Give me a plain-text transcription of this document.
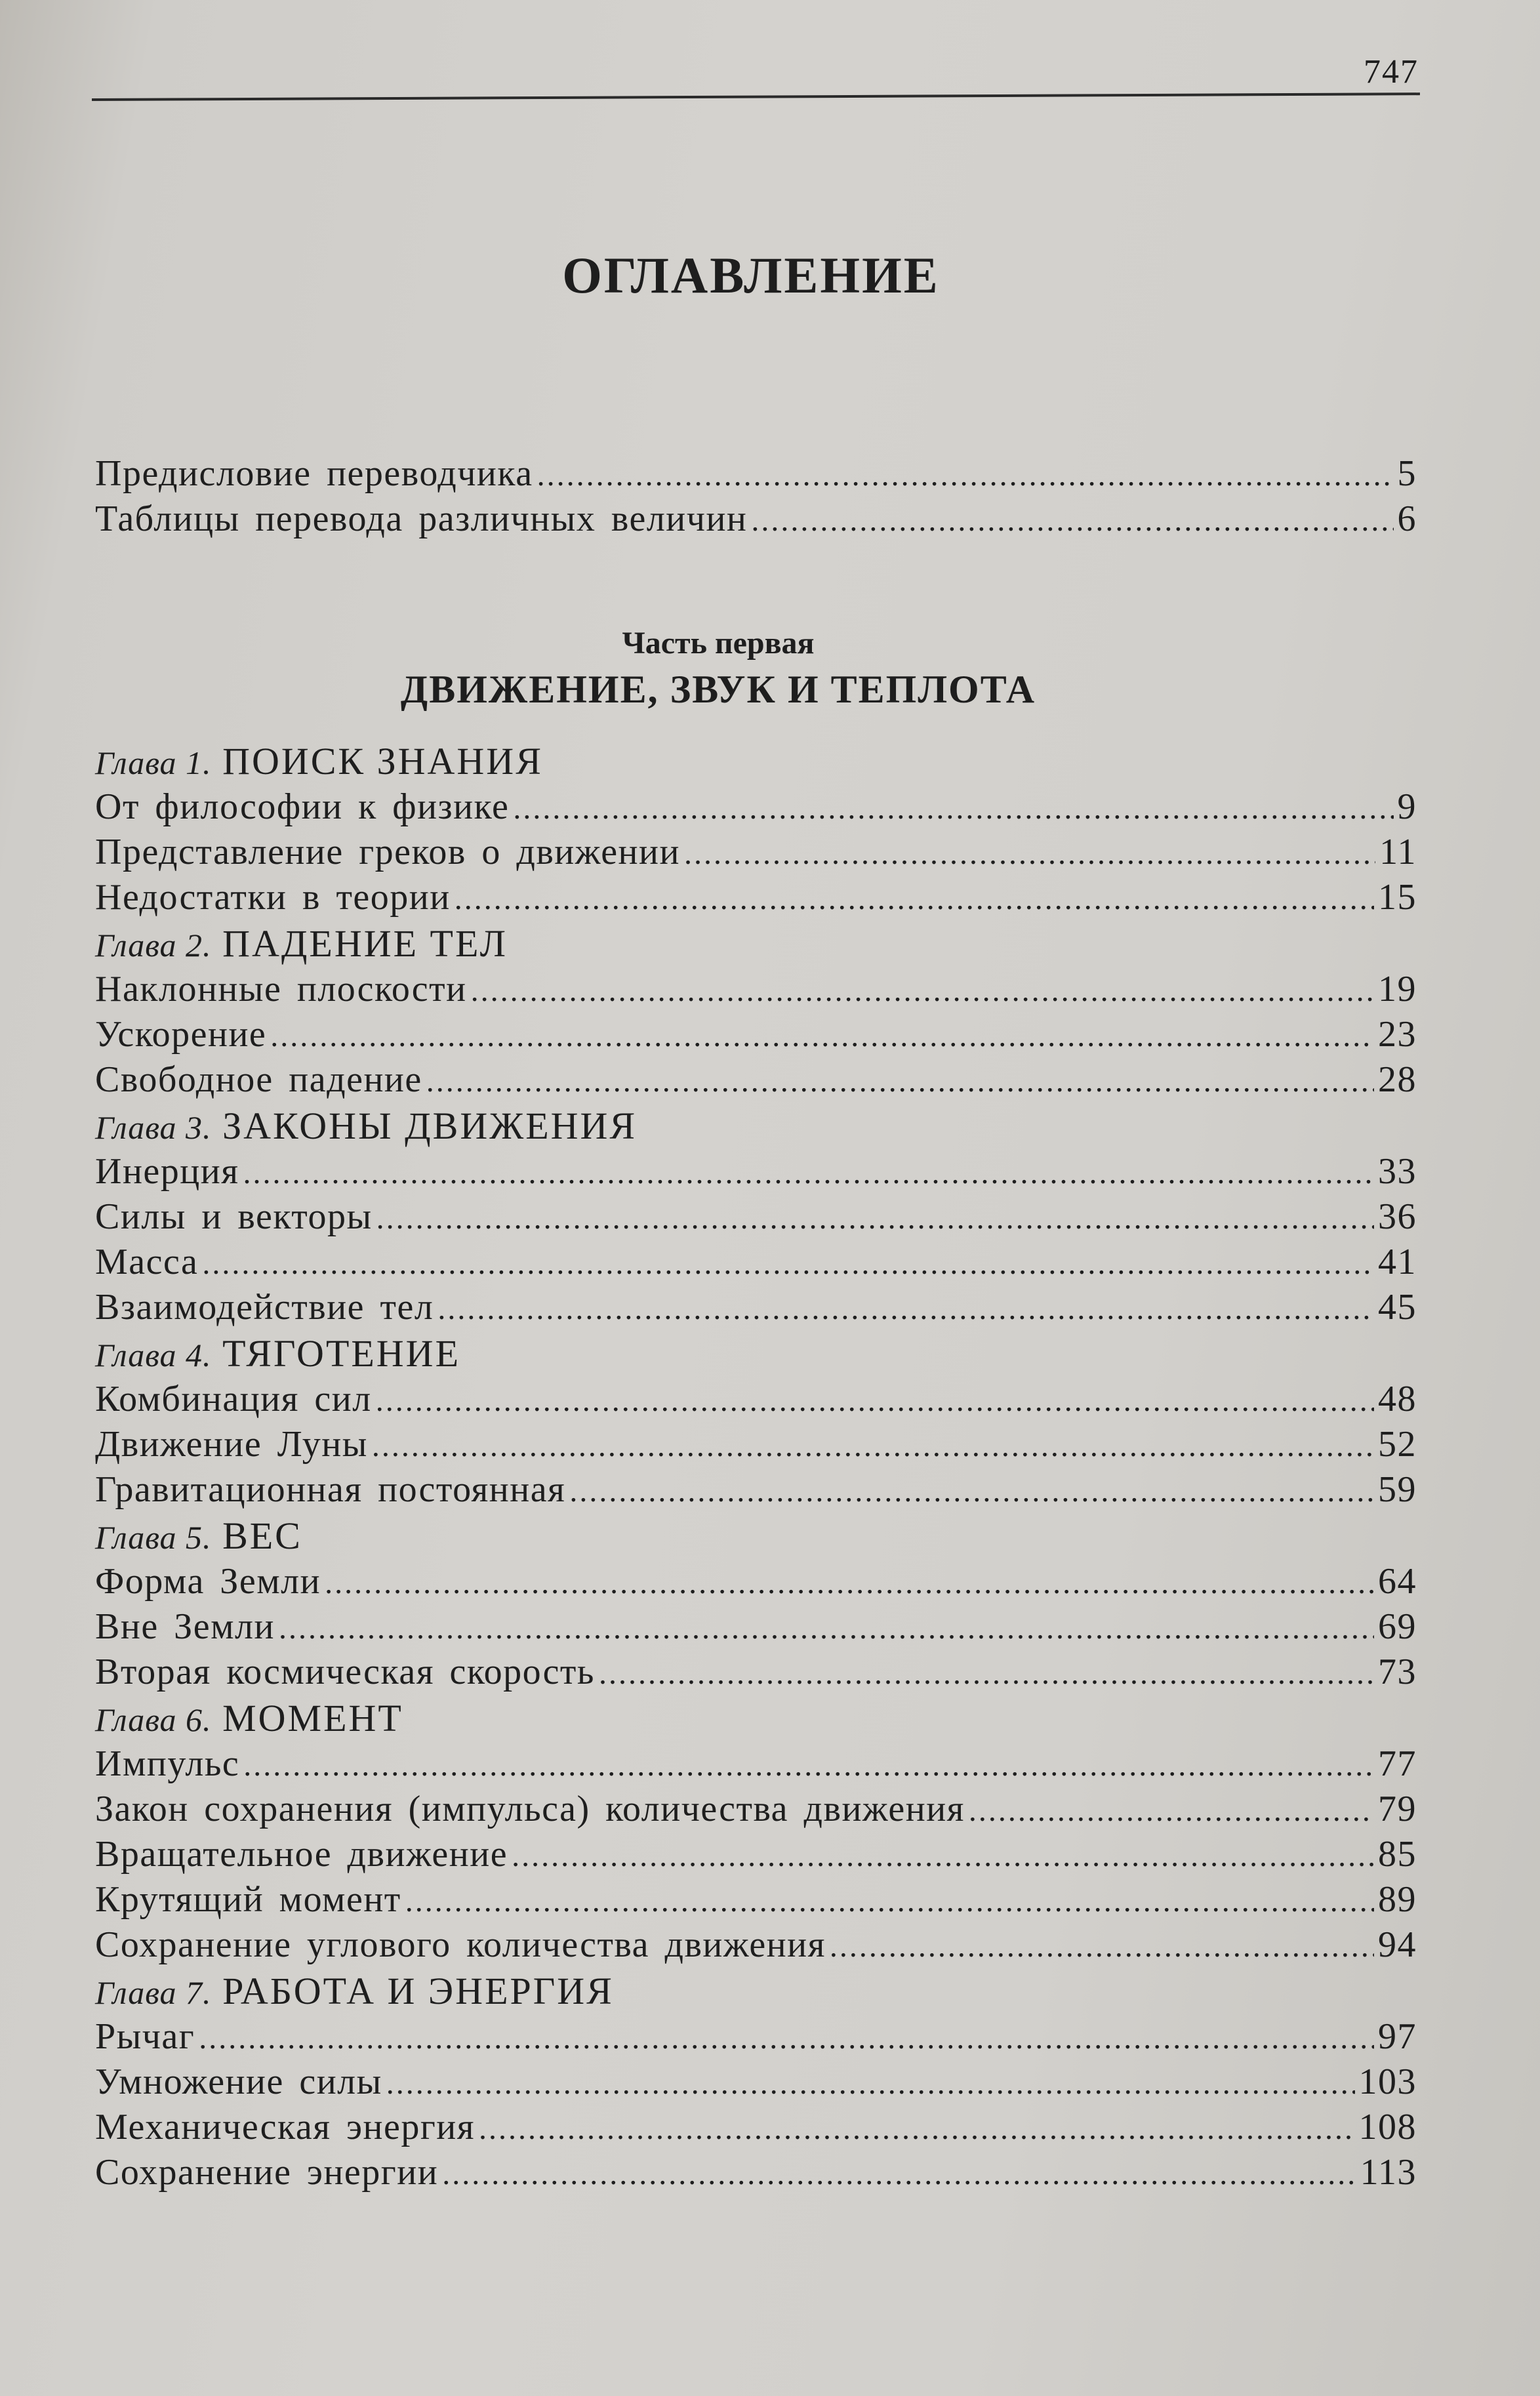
747
ОГЛАВЛЕНИЕ
Предисловие переводчика .....	5
Таблицы перевода различных величин .....	6
Часть первая
ДВИЖЕНИЕ, ЗВУК И ТЕПЛОТА
Глава 1. ПОИСК ЗНАНИЯ
От философии к физике .....	9
Представление греков о движении .....	11
Недостатки в теории .....	15
Глава 2. ПАДЕНИЕ ТЕЛ
Наклонные плоскости .....	19
Ускорение .....	23
Свободное падение .....	28
Глава 3. ЗАКОНЫ ДВИЖЕНИЯ
Инерция .....	33
Силы и векторы .....	36
Масса .....	41
Взаимодействие тел .....	45
Глава 4. ТЯГОТЕНИЕ
Комбинация сил .....	48
Движение Луны .....	52
Гравитационная постоянная .....	59
Глава 5. ВЕС
Форма Земли .....	64
Вне Земли .....	69
Вторая космическая скорость .....	73
Глава 6. МОМЕНТ
Импульс .....	77
Закон сохранения (импульса) количества движения .....	79
Вращательное движение .....	85
Крутящий момент .....	89
Сохранение углового количества движения .....	94
Глава 7. РАБОТА И ЭНЕРГИЯ
Рычаг .....	97
Умножение силы .....	103
Механическая энергия .....	108
Сохранение энергии .....	113
